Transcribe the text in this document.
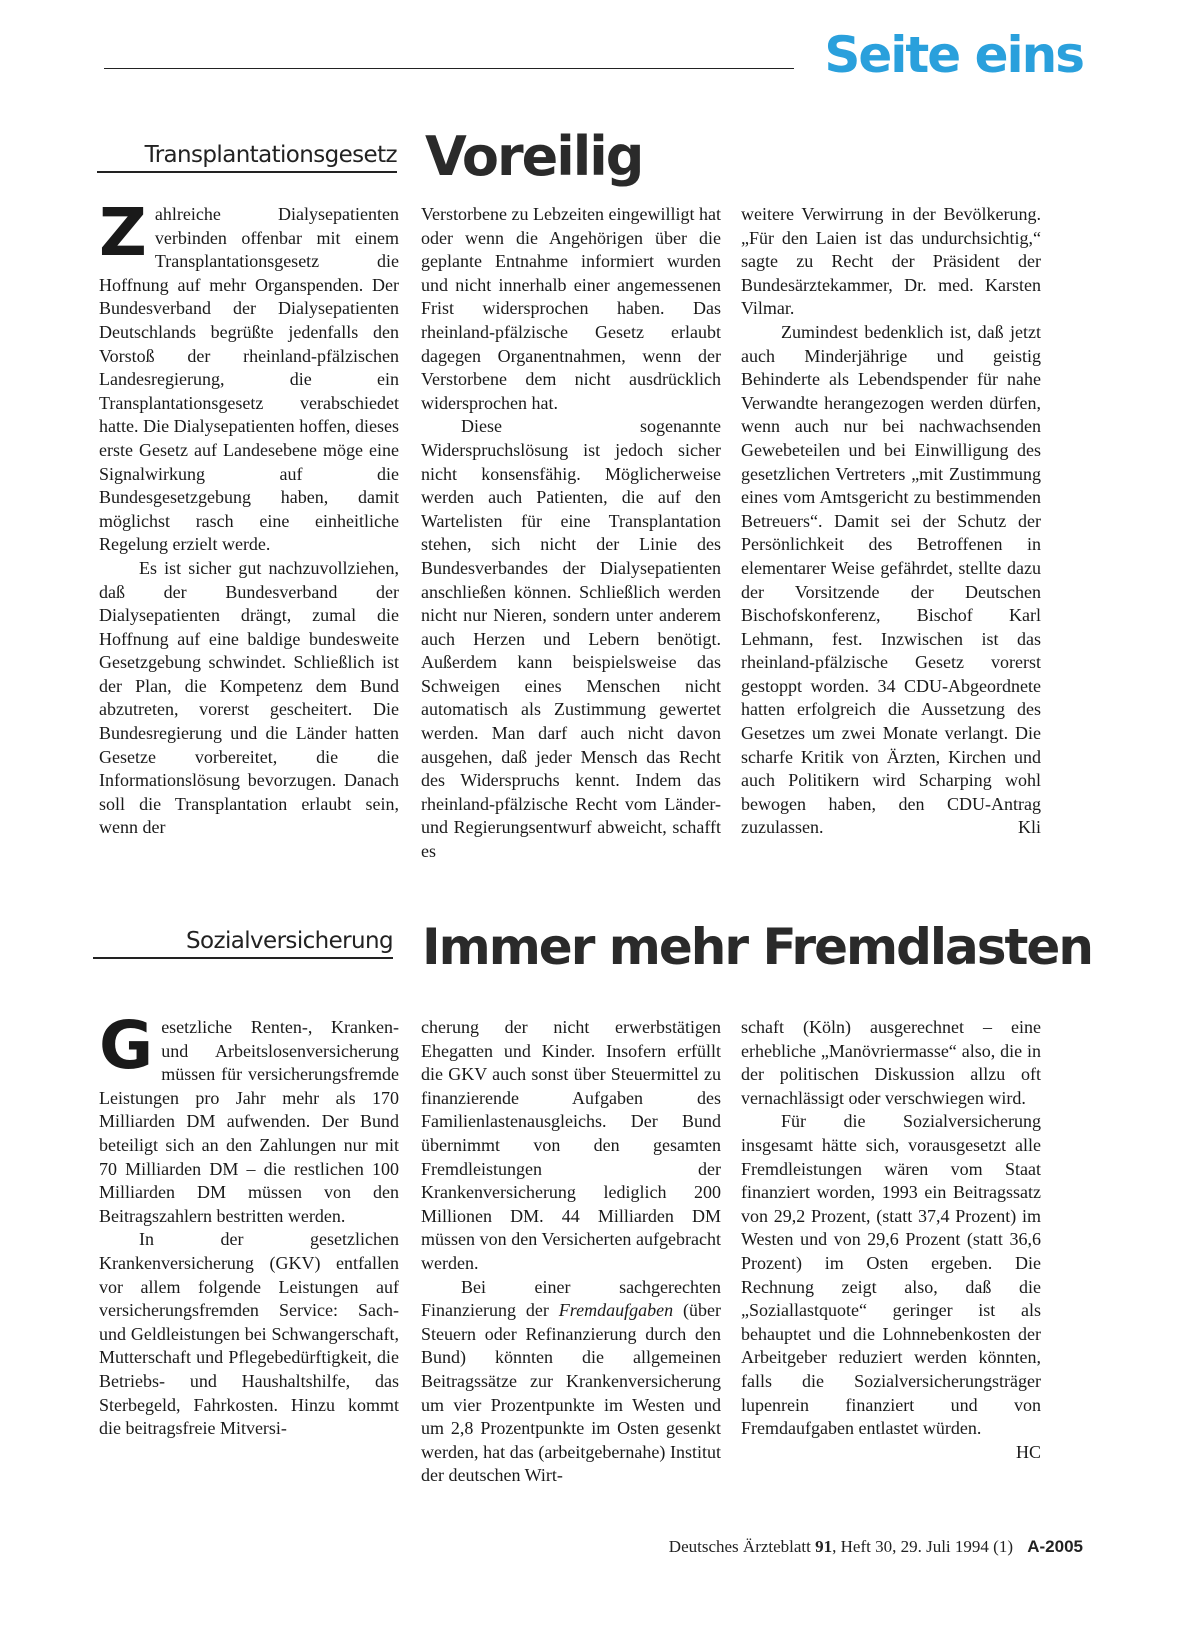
Seite eins
Transplantationsgesetz Voreilig

Zahlreiche Dialysepatienten verbinden offenbar mit einem Transplantationsgesetz die Hoffnung auf mehr Organspenden. Der Bundesverband der Dialysepatienten Deutschlands begrüßte jedenfalls den Vorstoß der rheinland-pfälzischen Landesregierung, die ein Transplantationsgesetz verabschiedet hatte. Die Dialysepatienten hoffen, dieses erste Gesetz auf Landesebene möge eine Signalwirkung auf die Bundesgesetzgebung haben, damit möglichst rasch eine einheitliche Regelung erzielt werde.

Es ist sicher gut nachzuvollziehen, daß der Bundesverband der Dialysepatienten drängt, zumal die Hoffnung auf eine baldige bundesweite Gesetzgebung schwindet. Schließlich ist der Plan, die Kompetenz dem Bund abzutreten, vorerst gescheitert. Die Bundesregierung und die Länder hatten Gesetze vorbereitet, die die Informationslösung bevorzugen. Danach soll die Transplantation erlaubt sein, wenn der

Verstorbene zu Lebzeiten eingewilligt hat oder wenn die Angehörigen über die geplante Entnahme informiert wurden und nicht innerhalb einer angemessenen Frist widersprochen haben. Das rheinland-pfälzische Gesetz erlaubt dagegen Organentnahmen, wenn der Verstorbene dem nicht ausdrücklich widersprochen hat.

Diese sogenannte Widerspruchslösung ist jedoch sicher nicht konsensfähig. Möglicherweise werden auch Patienten, die auf den Wartelisten für eine Transplantation stehen, sich nicht der Linie des Bundesverbandes der Dialysepatienten anschließen können. Schließlich werden nicht nur Nieren, sondern unter anderem auch Herzen und Lebern benötigt. Außerdem kann beispielsweise das Schweigen eines Menschen nicht automatisch als Zustimmung gewertet werden. Man darf auch nicht davon ausgehen, daß jeder Mensch das Recht des Widerspruchs kennt. Indem das rheinland-pfälzische Recht vom Länder- und Regierungsentwurf abweicht, schafft es

weitere Verwirrung in der Bevölkerung. „Für den Laien ist das undurchsichtig,“ sagte zu Recht der Präsident der Bundesärztekammer, Dr. med. Karsten Vilmar.

Zumindest bedenklich ist, daß jetzt auch Minderjährige und geistig Behinderte als Lebendspender für nahe Verwandte herangezogen werden dürfen, wenn auch nur bei nachwachsenden Gewebeteilen und bei Einwilligung des gesetzlichen Vertreters „mit Zustimmung eines vom Amtsgericht zu bestimmenden Betreuers“. Damit sei der Schutz der Persönlichkeit des Betroffenen in elementarer Weise gefährdet, stellte dazu der Vorsitzende der Deutschen Bischofskonferenz, Bischof Karl Lehmann, fest. Inzwischen ist das rheinland-pfälzische Gesetz vorerst gestoppt worden. 34 CDU-Abgeordnete hatten erfolgreich die Aussetzung des Gesetzes um zwei Monate verlangt. Die scharfe Kritik von Ärzten, Kirchen und auch Politikern wird Scharping wohl bewogen haben, den CDU-Antrag zuzulassen.	Kli

Sozialversicherung Immer mehr Fremdlasten

Gesetzliche Renten-, Kranken- und Arbeitslosenversicherung müssen für versicherungsfremde Leistungen pro Jahr mehr als 170 Milliarden DM aufwenden. Der Bund beteiligt sich an den Zahlungen nur mit 70 Milliarden DM – die restlichen 100 Milliarden DM müssen von den Beitragszahlern bestritten werden.

In der gesetzlichen Krankenversicherung (GKV) entfallen vor allem folgende Leistungen auf versicherungsfremden Service: Sach- und Geldleistungen bei Schwangerschaft, Mutterschaft und Pflegebedürftigkeit, die Betriebs- und Haushaltshilfe, das Sterbegeld, Fahrkosten. Hinzu kommt die beitragsfreie Mitversi-

cherung der nicht erwerbstätigen Ehegatten und Kinder. Insofern erfüllt die GKV auch sonst über Steuermittel zu finanzierende Aufgaben des Familienlastenausgleichs. Der Bund übernimmt von den gesamten Fremdleistungen der Krankenversicherung lediglich 200 Millionen DM. 44 Milliarden DM müssen von den Versicherten aufgebracht werden.

Bei einer sachgerechten Finanzierung der Fremdaufgaben (über Steuern oder Refinanzierung durch den Bund) könnten die allgemeinen Beitragssätze zur Krankenversicherung um vier Prozentpunkte im Westen und um 2,8 Prozentpunkte im Osten gesenkt werden, hat das (arbeitgebernahe) Institut der deutschen Wirt-

schaft (Köln) ausgerechnet – eine erhebliche „Manövriermasse“ also, die in der politischen Diskussion allzu oft vernachlässigt oder verschwiegen wird.

Für die Sozialversicherung insgesamt hätte sich, vorausgesetzt alle Fremdleistungen wären vom Staat finanziert worden, 1993 ein Beitragssatz von 29,2 Prozent, (statt 37,4 Prozent) im Westen und von 29,6 Prozent (statt 36,6 Prozent) im Osten ergeben. Die Rechnung zeigt also, daß die „Soziallastquote“ geringer ist als behauptet und die Lohnnebenkosten der Arbeitgeber reduziert werden könnten, falls die Sozialversicherungsträger lupenrein finanziert und von Fremdaufgaben entlastet würden.
HC

Deutsches Ärzteblatt 91, Heft 30, 29. Juli 1994 (1) A-2005
